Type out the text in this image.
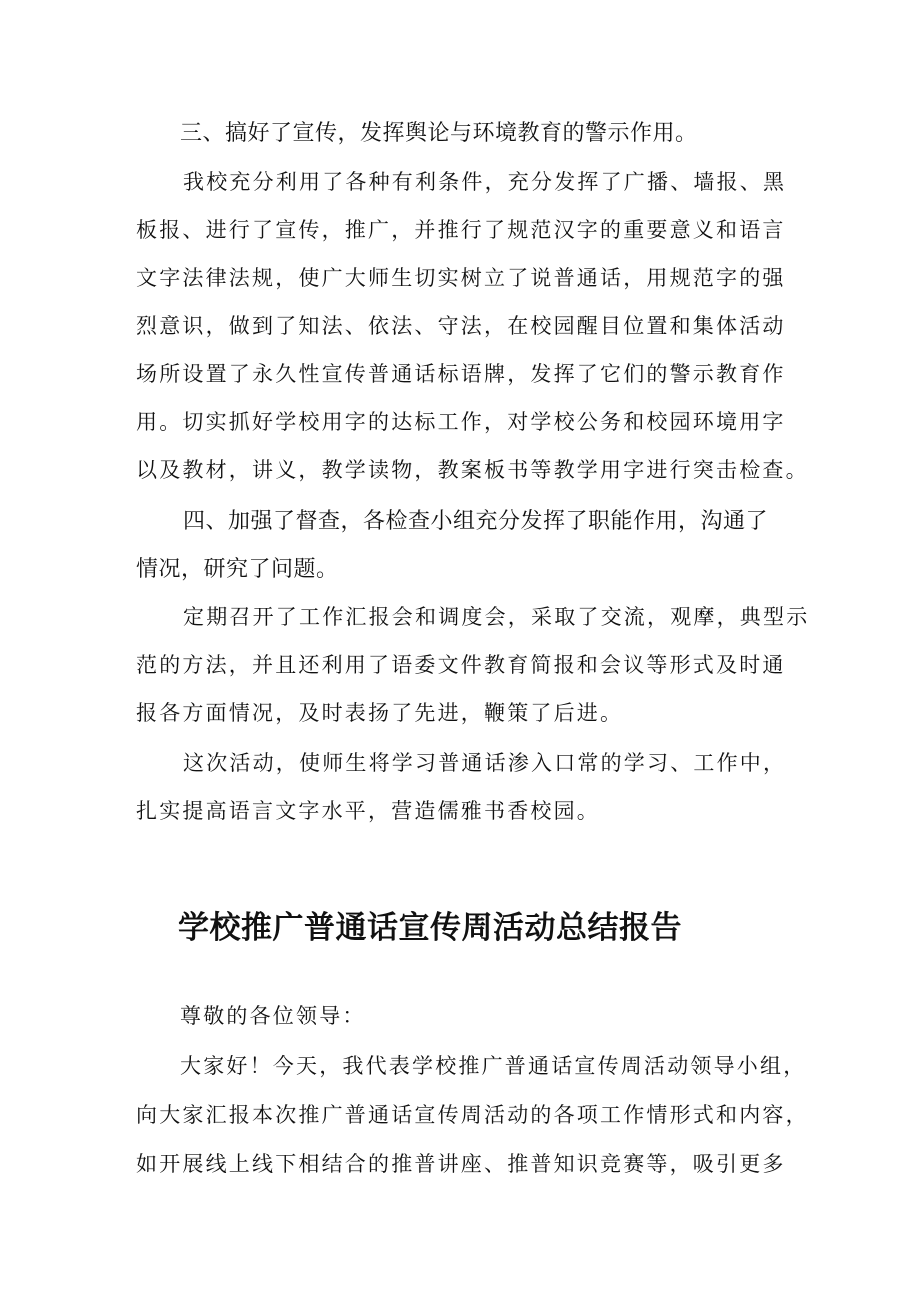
三、搞好了宣传，发挥舆论与环境教育的警示作用。

我校充分利用了各种有利条件，充分发挥了广播、墙报、黑

板报、进行了宣传，推广，并推行了规范汉字的重要意义和语言

文字法律法规，使广大师生切实树立了说普通话，用规范字的强

烈意识，做到了知法、依法、守法，在校园醒目位置和集体活动

场所设置了永久性宣传普通话标语牌，发挥了它们的警示教育作

用。切实抓好学校用字的达标工作，对学校公务和校园环境用字

以及教材，讲义，教学读物，教案板书等教学用字进行突击检查。

四、加强了督查，各检查小组充分发挥了职能作用，沟通了

情况，研究了问题。

定期召开了工作汇报会和调度会，采取了交流，观摩，典型示

范的方法，并且还利用了语委文件教育简报和会议等形式及时通

报各方面情况，及时表扬了先进，鞭策了后进。

这次活动，使师生将学习普通话渗入口常的学习、工作中，

扎实提高语言文字水平，营造儒雅书香校园。

学校推广普通话宣传周活动总结报告

尊敬的各位领导：

大家好！今天，我代表学校推广普通话宣传周活动领导小组，

向大家汇报本次推广普通话宣传周活动的各项工作情形式和内容，

如开展线上线下相结合的推普讲座、推普知识竞赛等，吸引更多
